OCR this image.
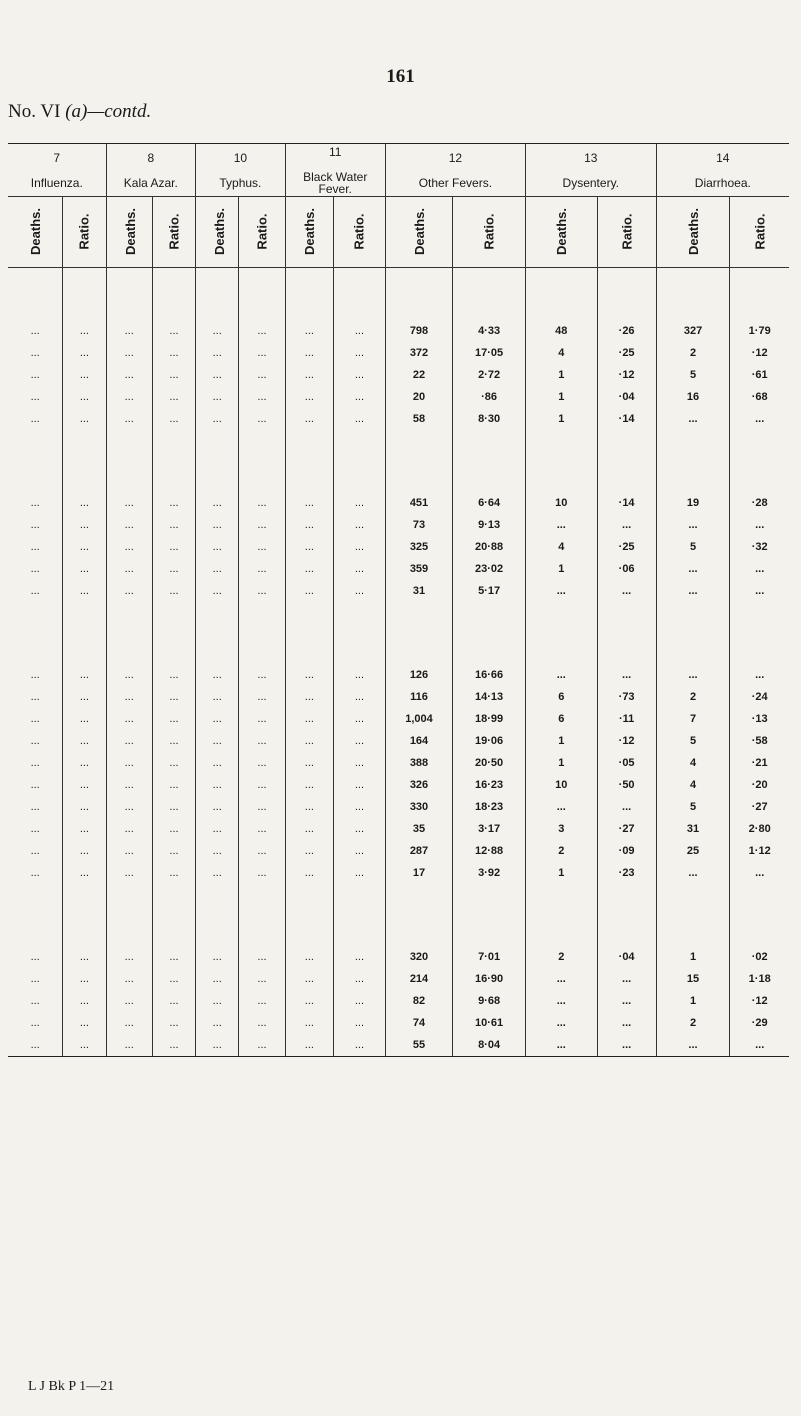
161
No. VI (a)—contd.
7
Influenza.		8
Kala Azar.		10
Typhus.		11
Black Water Fever.		12
Other Fevers.		13
Dysentery.		14
Diarrhoea.	

Deaths.	Ratio.	Deaths.	Ratio.	Deaths.	Ratio.	Deaths.	Ratio.	Deaths.	Ratio.	Deaths.	Ratio.	Deaths.	Ratio.

...	...	...	...	...	...	...	...	798	4·33	48	·26	327	1·79
...	...	...	...	...	...	...	...	372	17·05	4	·25	2	·12
...	...	...	...	...	...	...	...	22	2·72	1	·12	5	·61
...	...	...	...	...	...	...	...	20	·86	1	·04	16	·68
...	...	...	...	...	...	...	...	58	8·30	1	·14	...	...

...	...	...	...	...	...	...	...	451	6·64	10	·14	19	·28
...	...	...	...	...	...	...	...	73	9·13	...	...	...	...
...	...	...	...	...	...	...	...	325	20·88	4	·25	5	·32
...	...	...	...	...	...	...	...	359	23·02	1	·06	...	...
...	...	...	...	...	...	...	...	31	5·17	...	...	...	...

...	...	...	...	...	...	...	...	126	16·66	...	...	...	...
...	...	...	...	...	...	...	...	116	14·13	6	·73	2	·24
...	...	...	...	...	...	...	...	1,004	18·99	6	·11	7	·13
...	...	...	...	...	...	...	...	164	19·06	1	·12	5	·58
...	...	...	...	...	...	...	...	388	20·50	1	·05	4	·21
...	...	...	...	...	...	...	...	326	16·23	10	·50	4	·20
...	...	...	...	...	...	...	...	330	18·23	...	...	5	·27
...	...	...	...	...	...	...	...	35	3·17	3	·27	31	2·80
...	...	...	...	...	...	...	...	287	12·88	2	·09	25	1·12
...	...	...	...	...	...	...	...	17	3·92	1	·23	...	...

...	...	...	...	...	...	...	...	320	7·01	2	·04	1	·02
...	...	...	...	...	...	...	...	214	16·90	...	...	15	1·18
...	...	...	...	...	...	...	...	82	9·68	...	...	1	·12
...	...	...	...	...	...	...	...	74	10·61	...	...	2	·29
...	...	...	...	...	...	...	...	55	8·04	...	...	...	...
L J Bk P 1—21
